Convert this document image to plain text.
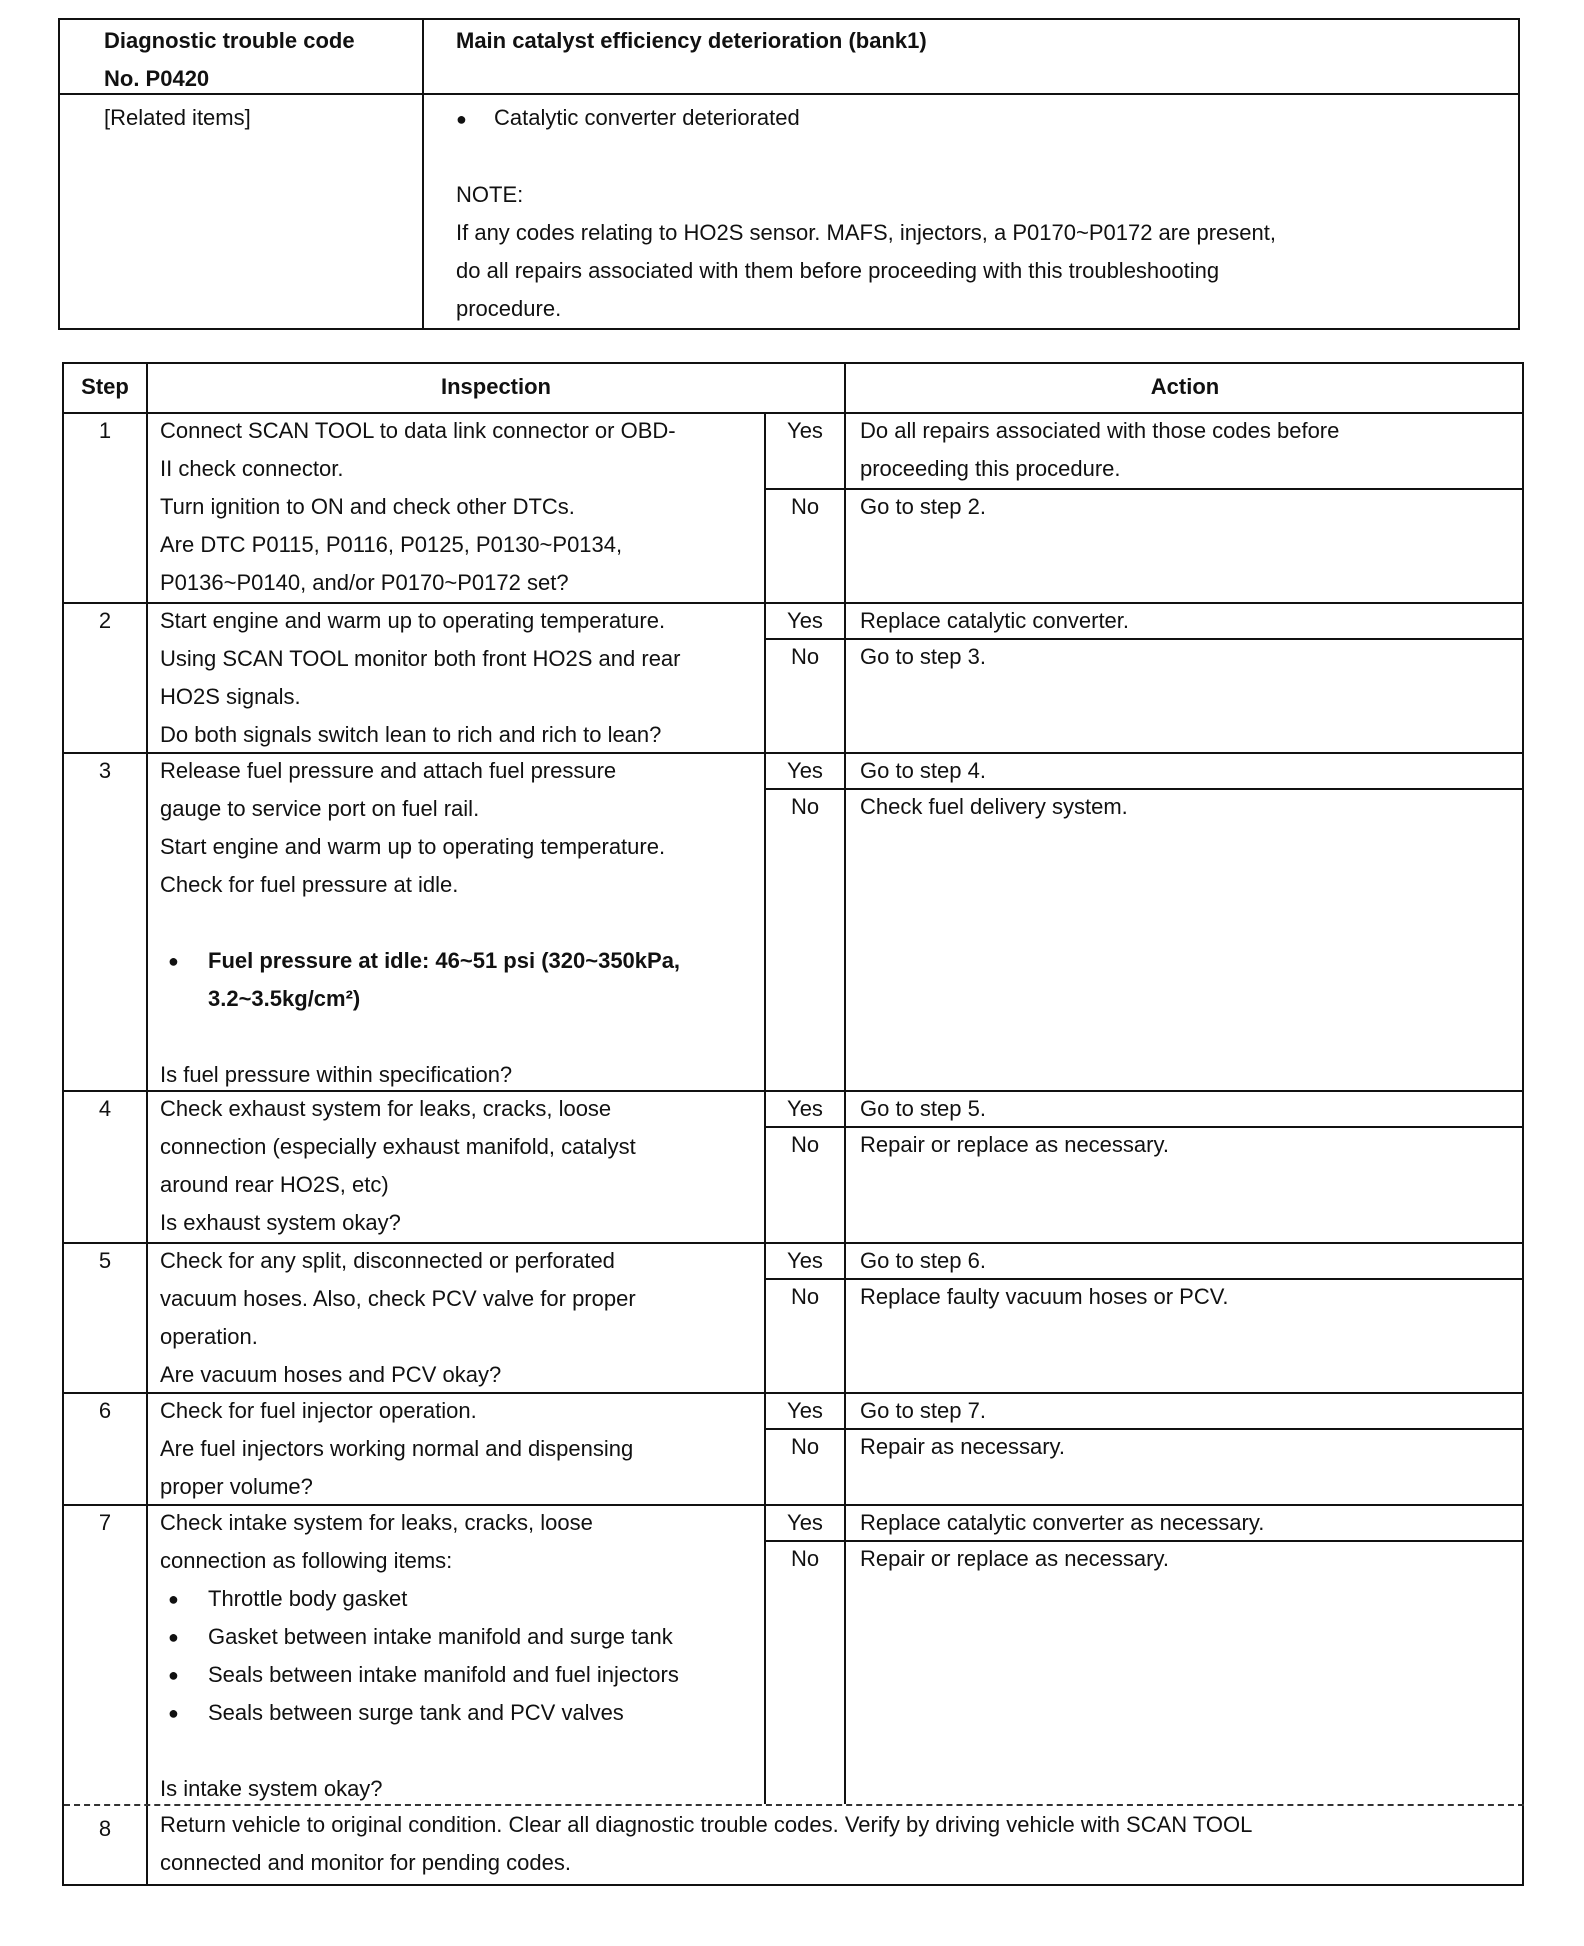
Diagnostic trouble code
No. P0420
Main catalyst efficiency deterioration (bank1)
[Related items]
●	Catalytic converter deteriorated
NOTE:
If any codes relating to HO2S sensor. MAFS, injectors, a P0170~P0172 are present,
do all repairs associated with them before proceeding with this troubleshooting
procedure.
Step	Inspection	Action
1	Connect SCAN TOOL to data link connector or OBD-
II check connector.
Turn ignition to ON and check other DTCs.
Are DTC P0115, P0116, P0125, P0130~P0134,
P0136~P0140, and/or P0170~P0172 set?
Yes	Do all repairs associated with those codes before
proceeding this procedure.
No	Go to step 2.
2	Start engine and warm up to operating temperature.
Using SCAN TOOL monitor both front HO2S and rear
HO2S signals.
Do both signals switch lean to rich and rich to lean?
Yes	Replace catalytic converter.
No	Go to step 3.
3	Release fuel pressure and attach fuel pressure
gauge to service port on fuel rail.
Start engine and warm up to operating temperature.
Check for fuel pressure at idle.
● Fuel pressure at idle: 46~51 psi (320~350kPa,
3.2~3.5kg/cm²)
Is fuel pressure within specification?
Yes	Go to step 4.
No	Check fuel delivery system.
4	Check exhaust system for leaks, cracks, loose
connection (especially exhaust manifold, catalyst
around rear HO2S, etc)
Is exhaust system okay?
Yes	Go to step 5.
No	Repair or replace as necessary.
5	Check for any split, disconnected or perforated
vacuum hoses. Also, check PCV valve for proper
operation.
Are vacuum hoses and PCV okay?
Yes	Go to step 6.
No	Replace faulty vacuum hoses or PCV.
6	Check for fuel injector operation.
Are fuel injectors working normal and dispensing
proper volume?
Yes	Go to step 7.
No	Repair as necessary.
7	Check intake system for leaks, cracks, loose
connection as following items:
● Throttle body gasket
● Gasket between intake manifold and surge tank
● Seals between intake manifold and fuel injectors
● Seals between surge tank and PCV valves
Is intake system okay?
Yes	Replace catalytic converter as necessary.
No	Repair or replace as necessary.
8	Return vehicle to original condition. Clear all diagnostic trouble codes. Verify by driving vehicle with SCAN TOOL
connected and monitor for pending codes.
